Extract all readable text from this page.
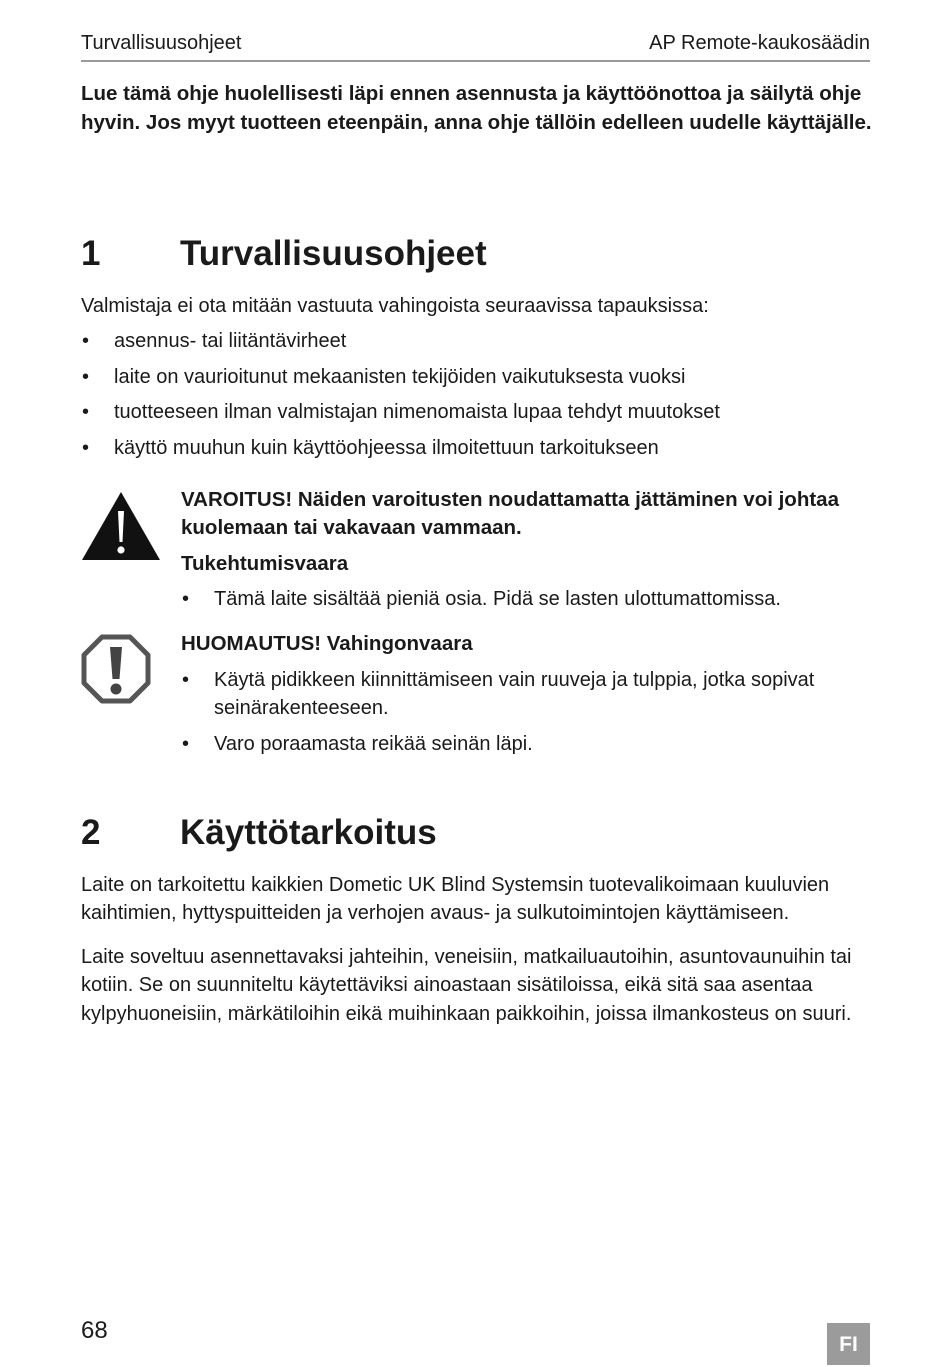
Turvallisuusohjeet	AP Remote-kaukosäädin

Lue tämä ohje huolellisesti läpi ennen asennusta ja käyttöönottoa ja säilytä ohje hyvin. Jos myyt tuotteen eteenpäin, anna ohje tällöin edelleen uudelle käyttäjälle.

1 Turvallisuusohjeet

Valmistaja ei ota mitään vastuuta vahingoista seuraavissa tapauksissa:

• asennus- tai liitäntävirheet
• laite on vaurioitunut mekaanisten tekijöiden vaikutuksesta vuoksi
• tuotteeseen ilman valmistajan nimenomaista lupaa tehdyt muutokset
• käyttö muuhun kuin käyttöohjeessa ilmoitettuun tarkoitukseen

VAROITUS! Näiden varoitusten noudattamatta jättäminen voi johtaa kuolemaan tai vakavaan vammaan.

Tukehtumisvaara

• Tämä laite sisältää pieniä osia. Pidä se lasten ulottumattomissa.

HUOMAUTUS! Vahingonvaara

• Käytä pidikkeen kiinnittämiseen vain ruuveja ja tulppia, jotka sopivat seinärakenteeseen.
• Varo poraamasta reikää seinän läpi.
2 Käyttötarkoitus

Laite on tarkoitettu kaikkien Dometic UK Blind Systemsin tuotevalikoimaan kuuluvien kaihtimien, hyttyspuitteiden ja verhojen avaus- ja sulkutoimintojen käyttämiseen.

Laite soveltuu asennettavaksi jahteihin, veneisiin, matkailuautoihin, asuntovaunuihin tai kotiin. Se on suunniteltu käytettäviksi ainoastaan sisätiloissa, eikä sitä saa asentaa kylpyhuoneisiin, märkätiloihin eikä muihinkaan paikkoihin, joissa ilmankosteus on suuri.

68
FI
